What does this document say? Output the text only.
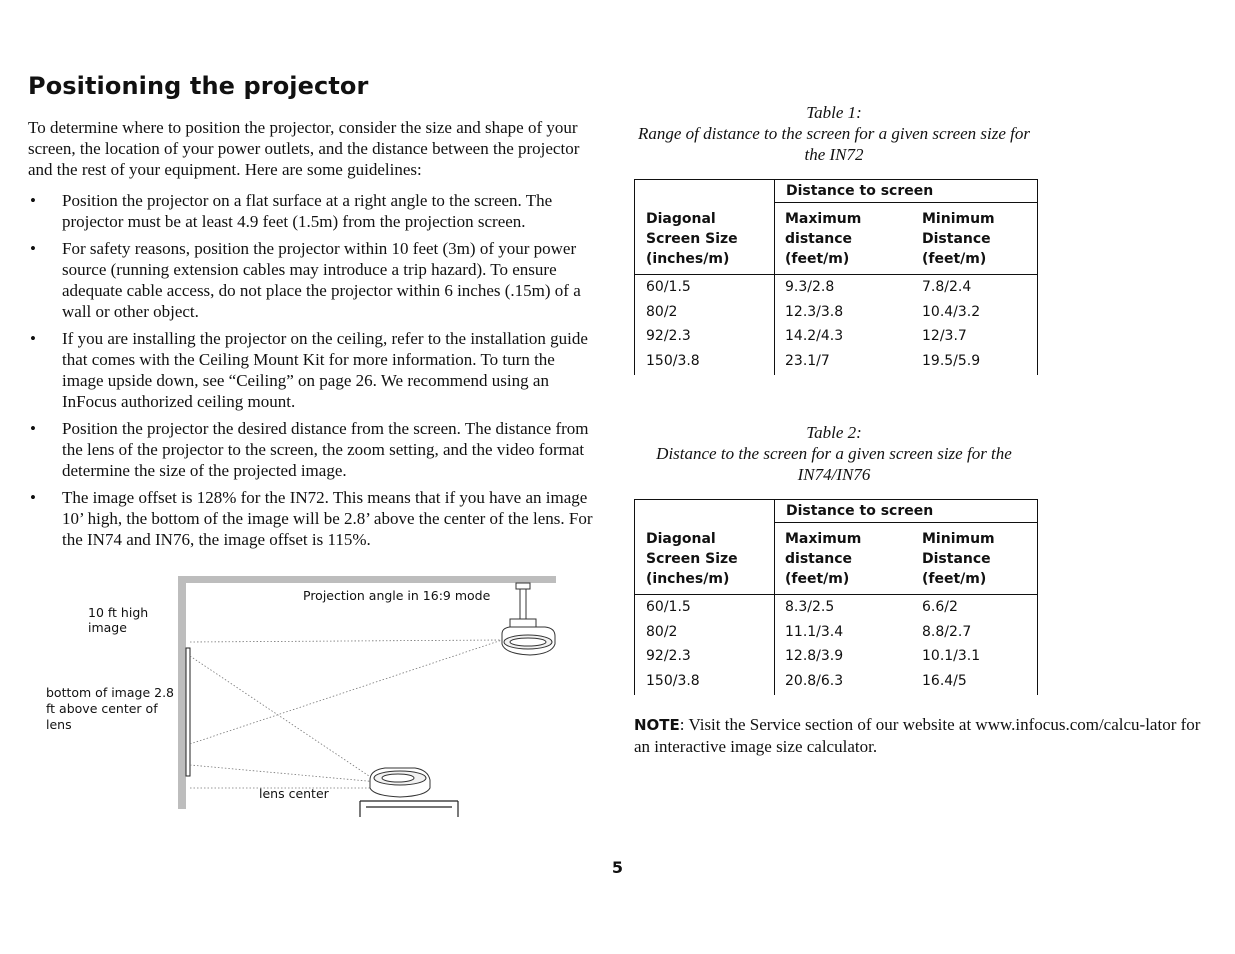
Positioning the projector
To determine where to position the projector, consider the size and shape of your screen, the location of your power outlets, and the distance between the projector and the rest of your equipment. Here are some guidelines:
• Position the projector on a flat surface at a right angle to the screen. The projector must be at least 4.9 feet (1.5m) from the projection screen.
• For safety reasons, position the projector within 10 feet (3m) of your power source (running extension cables may introduce a trip hazard). To ensure adequate cable access, do not place the projector within 6 inches (.15m) of a wall or other object.
• If you are installing the projector on the ceiling, refer to the installation guide that comes with the Ceiling Mount Kit for more information. To turn the image upside down, see “Ceiling” on page 26. We recommend using an InFocus authorized ceiling mount.
• Position the projector the desired distance from the screen. The distance from the lens of the projector to the screen, the zoom setting, and the video format determine the size of the projected image.
• The image offset is 128% for the IN72. This means that if you have an image 10’ high, the bottom of the image will be 2.8’ above the center of the lens. For the IN74 and IN76, the image offset is 115%.
10 ft high image
Projection angle in 16:9 mode
bottom of image 2.8 ft above center of lens
lens center
Table 1:
Range of distance to the screen for a given screen size for the IN72
Distance to screen
Diagonal Screen Size (inches/m)
Maximum distance (feet/m)
Minimum Distance (feet/m)
60/1.5	9.3/2.8	7.8/2.4
80/2	12.3/3.8	10.4/3.2
92/2.3	14.2/4.3	12/3.7
150/3.8	23.1/7	19.5/5.9
Table 2:
Distance to the screen for a given screen size for the IN74/IN76
Distance to screen
Diagonal Screen Size (inches/m)
Maximum distance (feet/m)
Minimum Distance (feet/m)
60/1.5	8.3/2.5	6.6/2
80/2	11.1/3.4	8.8/2.7
92/2.3	12.8/3.9	10.1/3.1
150/3.8	20.8/6.3	16.4/5
NOTE: Visit the Service section of our website at www.infocus.com/calcu-lator for an interactive image size calculator.
5
